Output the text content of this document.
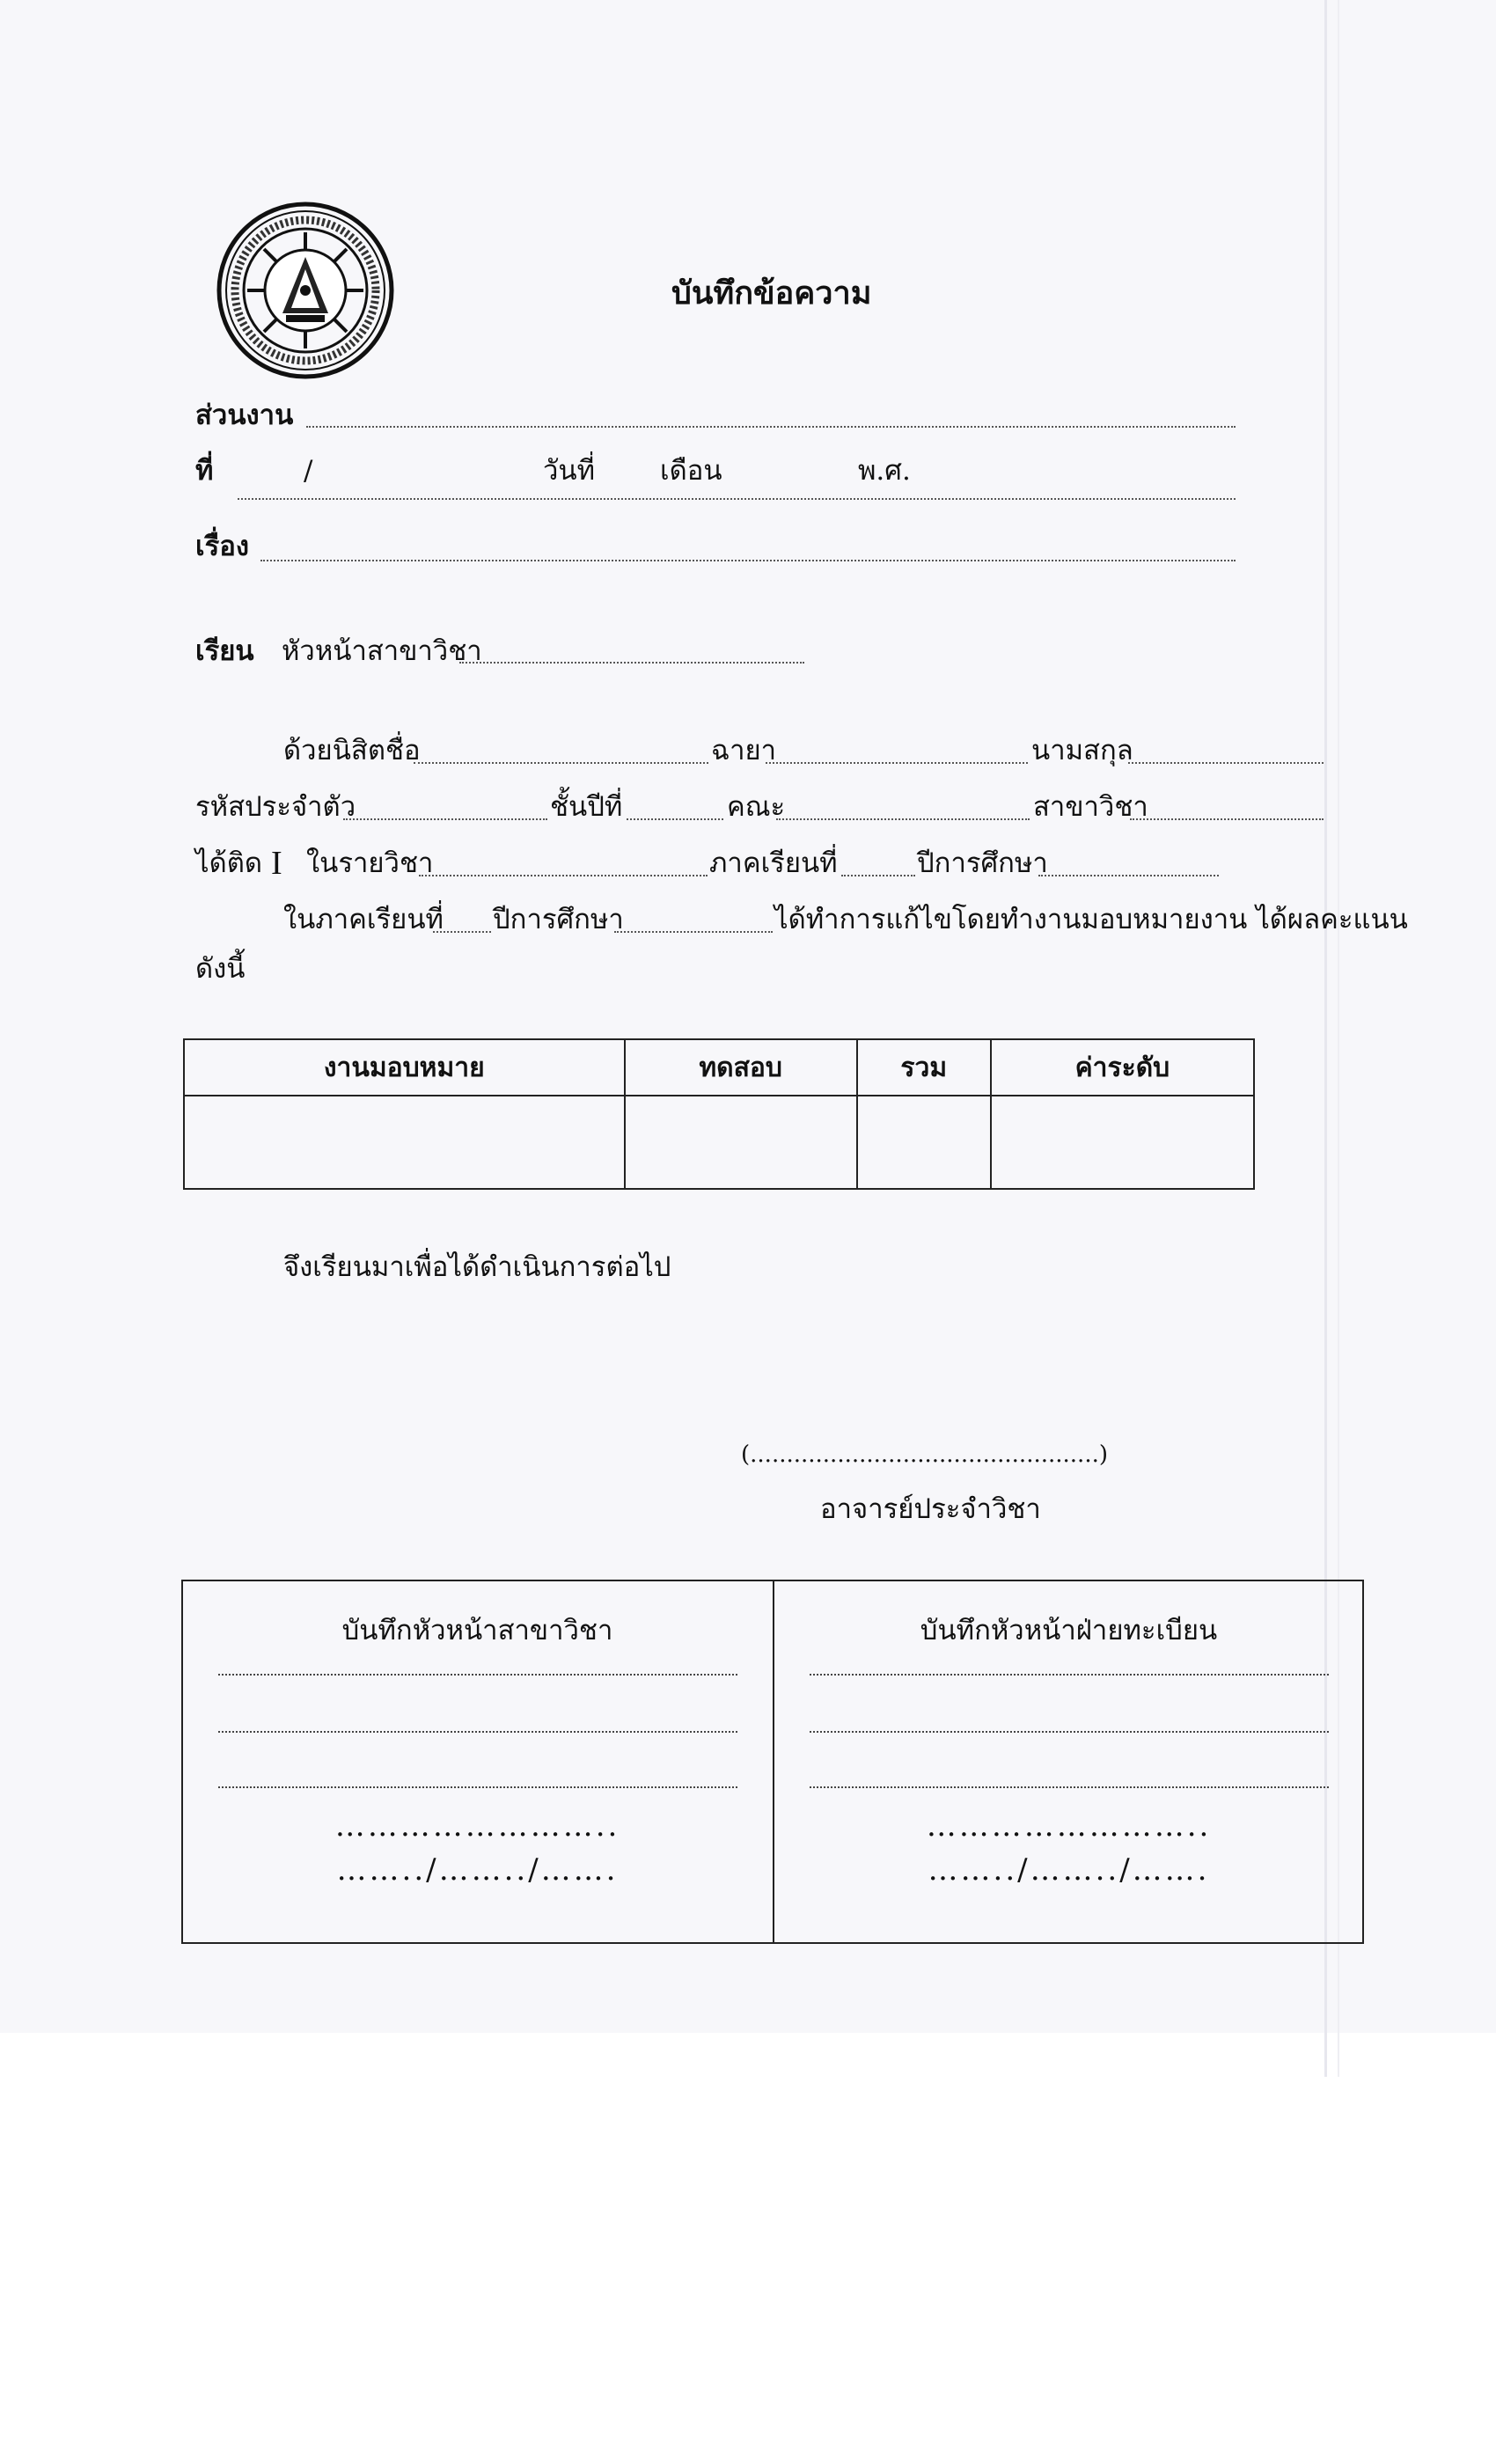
บันทึกข้อความ
ส่วนงาน
ที่	/	วันที่ เดือน	พ.ศ.
เรื่อง
เรียน หัวหน้าสาขาวิชา
ด้วยนิสิตชื่อ	ฉายา	นามสกุล
รหัสประจำตัว	ชั้นปีที่	คณะ	สาขาวิชา
ได้ติด I ในรายวิชา	ภาคเรียนที่	ปีการศึกษา
ในภาคเรียนที่ ปีการศึกษา	ได้ทำการแก้ไขโดยทำงานมอบหมายงาน ได้ผลคะแนน
ดังนี้
งานมอบหมาย	ทดสอบ	รวม	ค่าระดับ

จึงเรียนมาเพื่อได้ดำเนินการต่อไป
(................................................)
อาจารย์ประจำวิชา
บันทึกหัวหน้าสาขาวิชา
……………………..
……../……../…….
บันทึกหัวหน้าฝ่ายทะเบียน
……………………..
……../……../…….
